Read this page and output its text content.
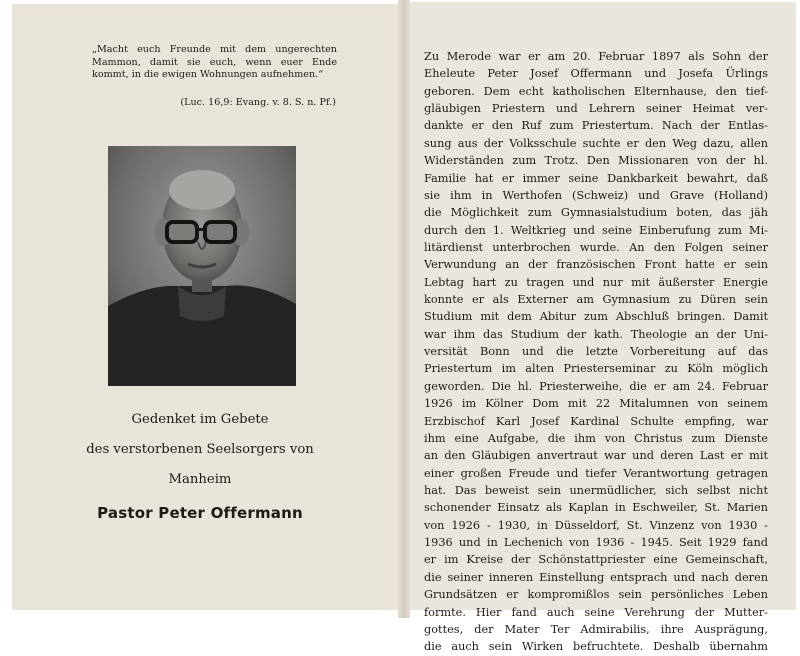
„Macht euch Freunde mit dem ungerechten Mammon, damit sie euch, wenn euer Ende kommt, in die ewigen Wohnungen aufnehmen.“
(Luc. 16,9: Evang. v. 8. S. n. Pf.)
Gedenket im Gebete
des verstorbenen Seelsorgers von
Manheim
Pastor Peter Offermann
Zu Merode war er am 20. Februar 1897 als Sohn der
Eheleute Peter Josef Offermann und Josefa Ürlings
geboren. Dem echt katholischen Elternhause, den tief-
gläubigen Priestern und Lehrern seiner Heimat ver-
dankte er den Ruf zum Priestertum. Nach der Entlas-
sung aus der Volksschule suchte er den Weg dazu, allen
Widerständen zum Trotz. Den Missionaren von der hl.
Familie hat er immer seine Dankbarkeit bewahrt, daß
sie ihm in Werthofen (Schweiz) und Grave (Holland)
die Möglichkeit zum Gymnasialstudium boten, das jäh
durch den 1. Weltkrieg und seine Einberufung zum Mi-
litärdienst unterbrochen wurde. An den Folgen seiner
Verwundung an der französischen Front hatte er sein
Lebtag hart zu tragen und nur mit äußerster Energie
konnte er als Externer am Gymnasium zu Düren sein
Studium mit dem Abitur zum Abschluß bringen. Damit
war ihm das Studium der kath. Theologie an der Uni-
versität Bonn und die letzte Vorbereitung auf das
Priestertum im alten Priesterseminar zu Köln möglich
geworden. Die hl. Priesterweihe, die er am 24. Februar
1926 im Kölner Dom mit 22 Mitalumnen von seinem
Erzbischof Karl Josef Kardinal Schulte empfing, war
ihm eine Aufgabe, die ihm von Christus zum Dienste
an den Gläubigen anvertraut war und deren Last er mit
einer großen Freude und tiefer Verantwortung getragen
hat. Das beweist sein unermüdlicher, sich selbst nicht
schonender Einsatz als Kaplan in Eschweiler, St. Marien
von 1926 - 1930, in Düsseldorf, St. Vinzenz von 1930 -
1936 und in Lechenich von 1936 - 1945. Seit 1929 fand
er im Kreise der Schönstattpriester eine Gemeinschaft,
die seiner inneren Einstellung entsprach und nach deren
Grundsätzen er kompromißlos sein persönliches Leben
formte. Hier fand auch seine Verehrung der Mutter-
gottes, der Mater Ter Admirabilis, ihre Ausprägung,
die auch sein Wirken befruchtete. Deshalb übernahm
